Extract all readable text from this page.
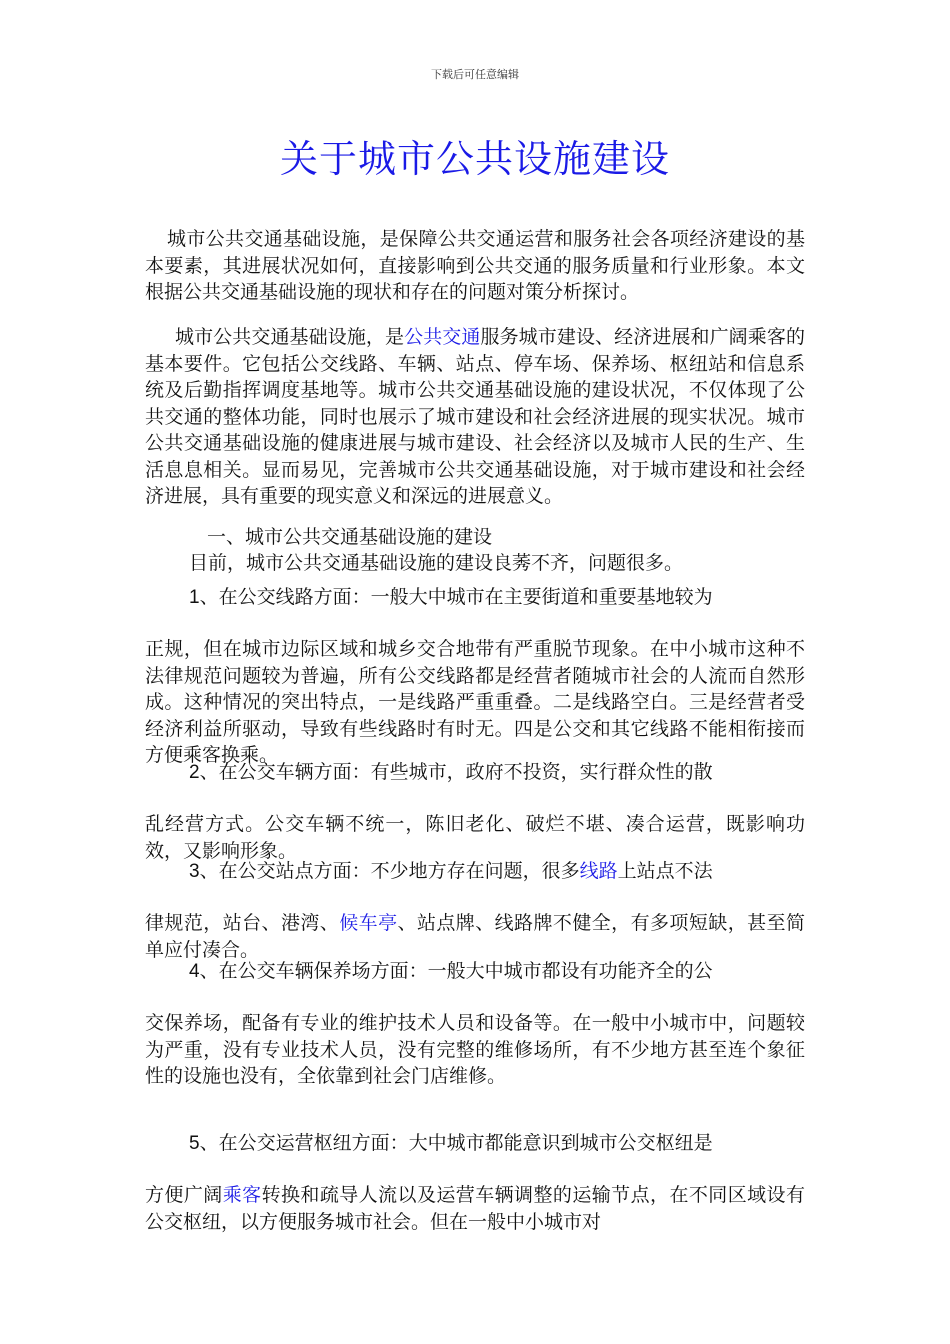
下载后可任意编辑
关于城市公共设施建设

城市公共交通基础设施，是保障公共交通运营和服务社会各项经济建设的基本要素，其进展状况如何，直接影响到公共交通的服务质量和行业形象。本文根据公共交通基础设施的现状和存在的问题对策分析探讨。

城市公共交通基础设施，是公共交通服务城市建设、经济进展和广阔乘客的基本要件。它包括公交线路、车辆、站点、停车场、保养场、枢纽站和信息系统及后勤指挥调度基地等。城市公共交通基础设施的建设状况，不仅体现了公共交通的整体功能，同时也展示了城市建设和社会经济进展的现实状况。城市公共交通基础设施的健康进展与城市建设、社会经济以及城市人民的生产、生活息息相关。显而易见，完善城市公共交通基础设施，对于城市建设和社会经济进展，具有重要的现实意义和深远的进展意义。

一、城市公共交通基础设施的建设

目前，城市公共交通基础设施的建设良莠不齐，问题很多。

1、在公交线路方面：一般大中城市在主要街道和重要基地较为
正规，但在城市边际区域和城乡交合地带有严重脱节现象。在中小城市这种不法律规范问题较为普遍，所有公交线路都是经营者随城市社会的人流而自然形成。这种情况的突出特点，一是线路严重重叠。二是线路空白。三是经营者受经济利益所驱动，导致有些线路时有时无。四是公交和其它线路不能相衔接而方便乘客换乘。
2、在公交车辆方面：有些城市，政府不投资，实行群众性的散
乱经营方式。公交车辆不统一，陈旧老化、破烂不堪、凑合运营，既影响功效，又影响形象。
3、在公交站点方面：不少地方存在问题，很多线路上站点不法
律规范，站台、港湾、候车亭、站点牌、线路牌不健全，有多项短缺，甚至简单应付凑合。
4、在公交车辆保养场方面：一般大中城市都设有功能齐全的公
交保养场，配备有专业的维护技术人员和设备等。在一般中小城市中，问题较为严重，没有专业技术人员，没有完整的维修场所，有不少地方甚至连个象征性的设施也没有，全依靠到社会门店维修。
5、在公交运营枢纽方面：大中城市都能意识到城市公交枢纽是
方便广阔乘客转换和疏导人流以及运营车辆调整的运输节点，在不同区域设有公交枢纽，以方便服务城市社会。但在一般中小城市对
